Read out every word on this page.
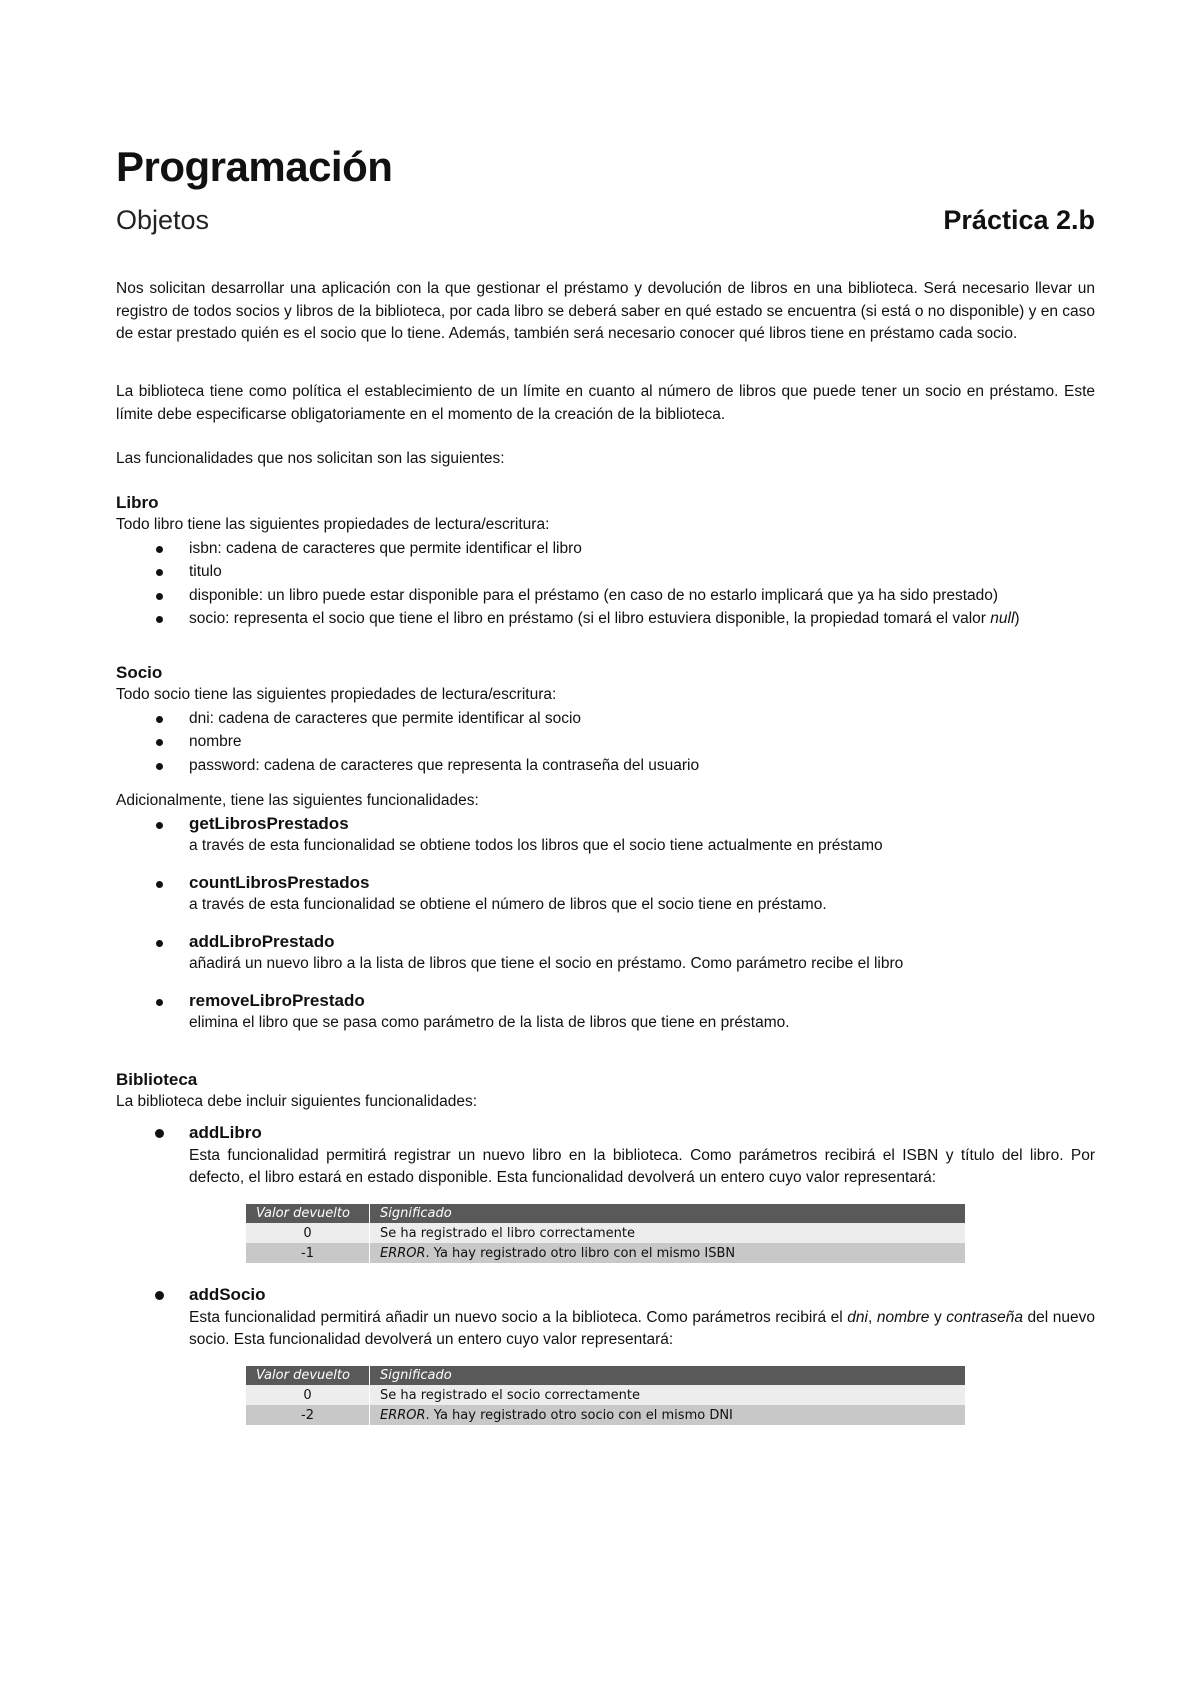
Programación
Objetos	Práctica 2.b

Nos solicitan desarrollar una aplicación con la que gestionar el préstamo y devolución de libros en una biblioteca. Será necesario llevar un registro de todos socios y libros de la biblioteca, por cada libro se deberá saber en qué estado se encuentra (si está o no disponible) y en caso de estar prestado quién es el socio que lo tiene. Además, también será necesario conocer qué libros tiene en préstamo cada socio.

La biblioteca tiene como política el establecimiento de un límite en cuanto al número de libros que puede tener un socio en préstamo. Este límite debe especificarse obligatoriamente en el momento de la creación de la biblioteca.

Las funcionalidades que nos solicitan son las siguientes:

Libro
Todo libro tiene las siguientes propiedades de lectura/escritura:
isbn: cadena de caracteres que permite identificar el libro
titulo
disponible: un libro puede estar disponible para el préstamo (en caso de no estarlo implicará que ya ha sido prestado)
socio: representa el socio que tiene el libro en préstamo (si el libro estuviera disponible, la propiedad tomará el valor null)
Socio
Todo socio tiene las siguientes propiedades de lectura/escritura:
dni: cadena de caracteres que permite identificar al socio
nombre
password: cadena de caracteres que representa la contraseña del usuario
Adicionalmente, tiene las siguientes funcionalidades:
getLibrosPrestados
a través de esta funcionalidad se obtiene todos los libros que el socio tiene actualmente en préstamo
countLibrosPrestados
a través de esta funcionalidad se obtiene el número de libros que el socio tiene en préstamo.
addLibroPrestado
añadirá un nuevo libro a la lista de libros que tiene el socio en préstamo. Como parámetro recibe el libro
removeLibroPrestado
elimina el libro que se pasa como parámetro de la lista de libros que tiene en préstamo.
Biblioteca
La biblioteca debe incluir siguientes funcionalidades:
addLibro

Esta funcionalidad permitirá registrar un nuevo libro en la biblioteca. Como parámetros recibirá el ISBN y título del libro. Por defecto, el libro estará en estado disponible. Esta funcionalidad devolverá un entero cuyo valor representará:

Valor devuelto	Significado
0	Se ha registrado el libro correctamente
-1	ERROR. Ya hay registrado otro libro con el mismo ISBN
addSocio

Esta funcionalidad permitirá añadir un nuevo socio a la biblioteca. Como parámetros recibirá el dni, nombre y contraseña del nuevo socio. Esta funcionalidad devolverá un entero cuyo valor representará:

Valor devuelto	Significado
0	Se ha registrado el socio correctamente
-2	ERROR. Ya hay registrado otro socio con el mismo DNI
